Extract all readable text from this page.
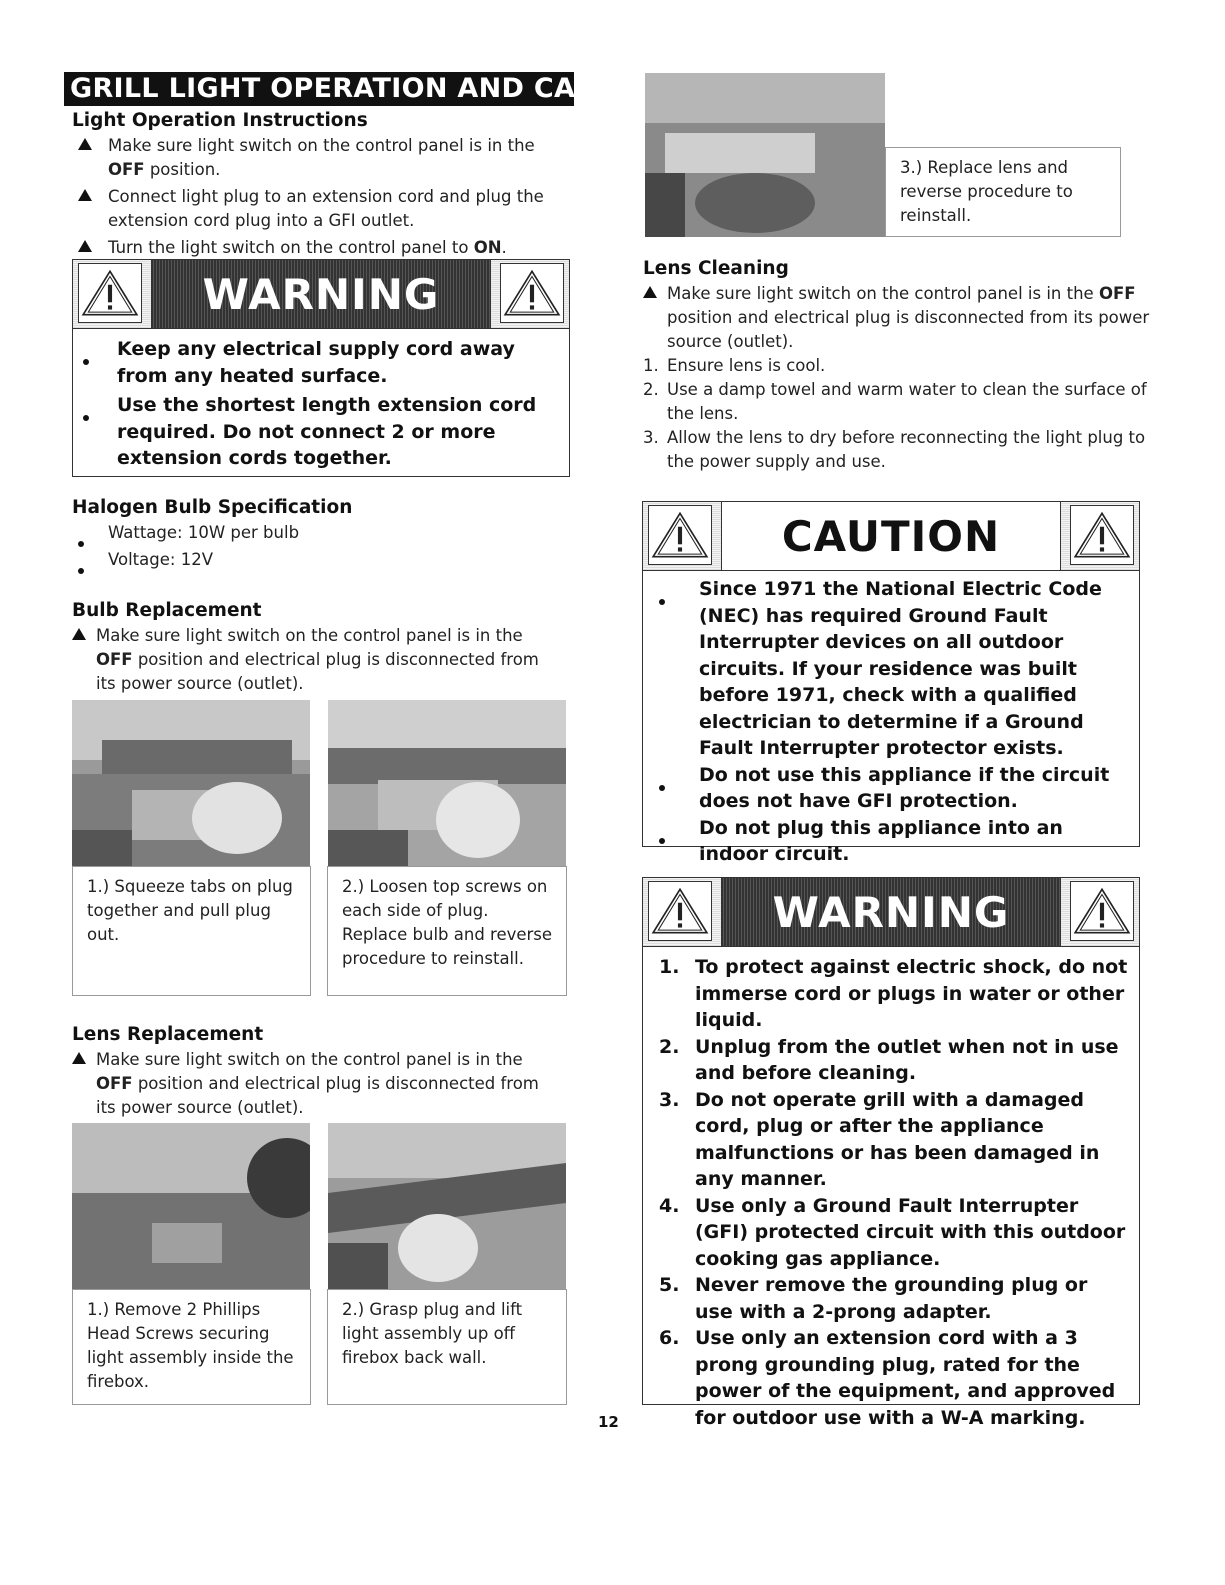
GRILL LIGHT OPERATION AND CARE

Light Operation Instructions

Make sure light switch on the control panel is in the OFF position.
Connect light plug to an extension cord and plug the extension cord plug into a GFI outlet.
Turn the light switch on the control panel to ON.
WARNING
Keep any electrical supply cord away from any heated surface.
Use the shortest length extension cord required. Do not connect 2 or more extension cords together.

Halogen Bulb Specification

Wattage: 10W per bulb
Voltage: 12V

Bulb Replacement

Make sure light switch on the control panel is in the OFF position and electrical plug is disconnected from its power source (outlet).
1.) Squeeze tabs on plug together and pull plug out.
2.) Loosen top screws on each side of plug. Replace bulb and reverse procedure to reinstall.

Lens Replacement

Make sure light switch on the control panel is in the OFF position and electrical plug is disconnected from its power source (outlet).
1.) Remove 2 Phillips Head Screws securing light assembly inside the firebox.
2.) Grasp plug and lift light assembly up off firebox back wall.
3.) Replace lens and reverse procedure to reinstall.

Lens Cleaning

Make sure light switch on the control panel is in the OFF position and electrical plug is disconnected from its power source (outlet).
1. Ensure lens is cool.
2. Use a damp towel and warm water to clean the surface of the lens.
3. Allow the lens to dry before reconnecting the light plug to the power supply and use.
CAUTION
Since 1971 the National Electric Code (NEC) has required Ground Fault Interrupter devices on all outdoor circuits. If your residence was built before 1971, check with a qualified electrician to determine if a Ground Fault Interrupter protector exists.
Do not use this appliance if the circuit does not have GFI protection.
Do not plug this appliance into an indoor circuit.
WARNING
1. To protect against electric shock, do not immerse cord or plugs in water or other liquid.
2. Unplug from the outlet when not in use and before cleaning.
3. Do not operate grill with a damaged cord, plug or after the appliance malfunctions or has been damaged in any manner.
4. Use only a Ground Fault Interrupter (GFI) protected circuit with this outdoor cooking gas appliance.
5. Never remove the grounding plug or use with a 2-prong adapter.
6. Use only an extension cord with a 3 prong grounding plug, rated for the power of the equipment, and approved for outdoor use with a W-A marking.
12
